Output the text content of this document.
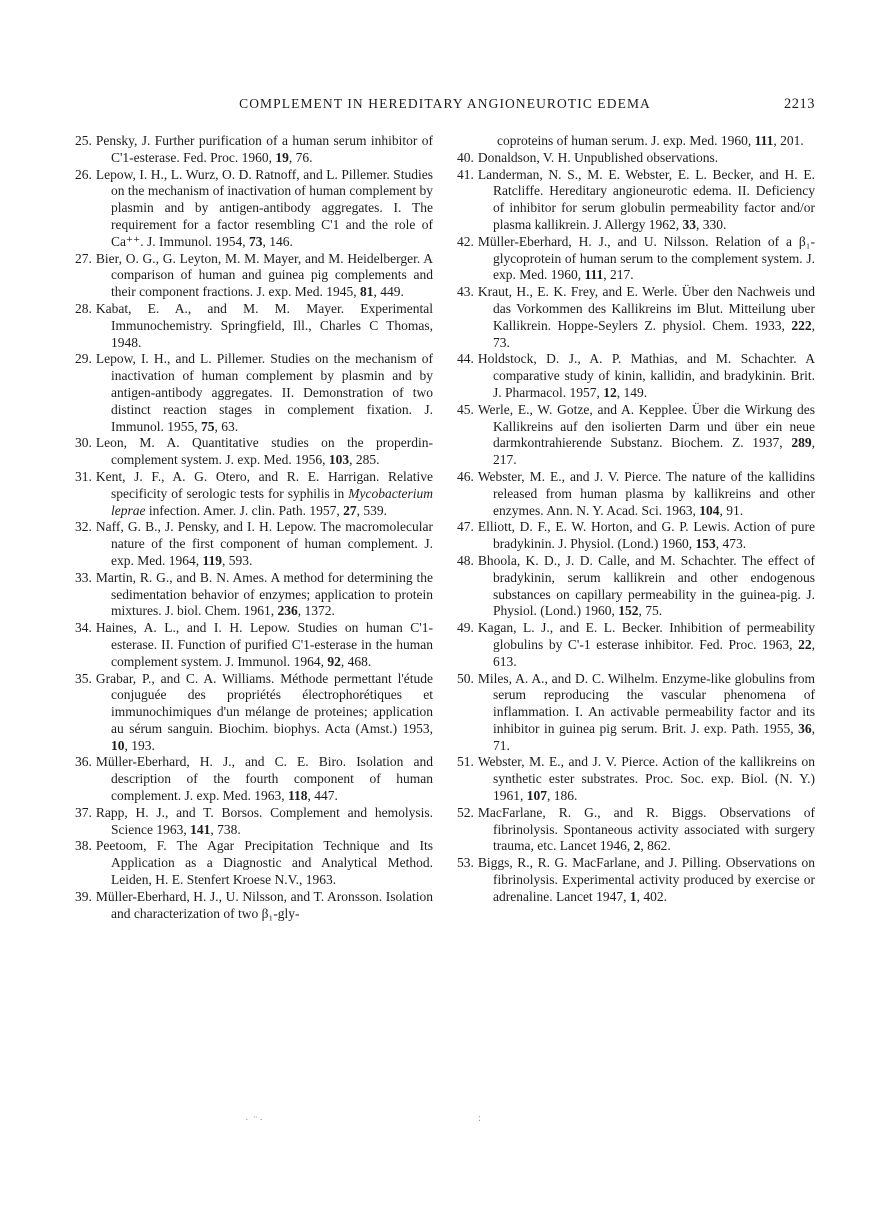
COMPLEMENT IN HEREDITARY ANGIONEUROTIC EDEMA	2213

25. Pensky, J. Further purification of a human serum inhibitor of C'1-esterase. Fed. Proc. 1960, 19, 76.

26. Lepow, I. H., L. Wurz, O. D. Ratnoff, and L. Pillemer. Studies on the mechanism of inactivation of human complement by plasmin and by antigen-antibody aggregates. I. The requirement for a factor resembling C'1 and the role of Ca⁺⁺. J. Immunol. 1954, 73, 146.

27. Bier, O. G., G. Leyton, M. M. Mayer, and M. Heidelberger. A comparison of human and guinea pig complements and their component fractions. J. exp. Med. 1945, 81, 449.

28. Kabat, E. A., and M. M. Mayer. Experimental Immunochemistry. Springfield, Ill., Charles C Thomas, 1948.

29. Lepow, I. H., and L. Pillemer. Studies on the mechanism of inactivation of human complement by plasmin and by antigen-antibody aggregates. II. Demonstration of two distinct reaction stages in complement fixation. J. Immunol. 1955, 75, 63.

30. Leon, M. A. Quantitative studies on the properdin-complement system. J. exp. Med. 1956, 103, 285.

31. Kent, J. F., A. G. Otero, and R. E. Harrigan. Relative specificity of serologic tests for syphilis in Mycobacterium leprae infection. Amer. J. clin. Path. 1957, 27, 539.

32. Naff, G. B., J. Pensky, and I. H. Lepow. The macromolecular nature of the first component of human complement. J. exp. Med. 1964, 119, 593.

33. Martin, R. G., and B. N. Ames. A method for determining the sedimentation behavior of enzymes; application to protein mixtures. J. biol. Chem. 1961, 236, 1372.

34. Haines, A. L., and I. H. Lepow. Studies on human C'1-esterase. II. Function of purified C'1-esterase in the human complement system. J. Immunol. 1964, 92, 468.

35. Grabar, P., and C. A. Williams. Méthode permettant l'étude conjuguée des propriétés électrophorétiques et immunochimiques d'un mélange de proteines; application au sérum sanguin. Biochim. biophys. Acta (Amst.) 1953, 10, 193.

36. Müller-Eberhard, H. J., and C. E. Biro. Isolation and description of the fourth component of human complement. J. exp. Med. 1963, 118, 447.

37. Rapp, H. J., and T. Borsos. Complement and hemolysis. Science 1963, 141, 738.

38. Peetoom, F. The Agar Precipitation Technique and Its Application as a Diagnostic and Analytical Method. Leiden, H. E. Stenfert Kroese N.V., 1963.

39. Müller-Eberhard, H. J., U. Nilsson, and T. Aronsson. Isolation and characterization of two β₁-gly-

coproteins of human serum. J. exp. Med. 1960, 111, 201.

40. Donaldson, V. H. Unpublished observations.

41. Landerman, N. S., M. E. Webster, E. L. Becker, and H. E. Ratcliffe. Hereditary angioneurotic edema. II. Deficiency of inhibitor for serum globulin permeability factor and/or plasma kallikrein. J. Allergy 1962, 33, 330.

42. Müller-Eberhard, H. J., and U. Nilsson. Relation of a β₁-glycoprotein of human serum to the complement system. J. exp. Med. 1960, 111, 217.

43. Kraut, H., E. K. Frey, and E. Werle. Über den Nachweis und das Vorkommen des Kallikreins im Blut. Mitteilung uber Kallikrein. Hoppe-Seylers Z. physiol. Chem. 1933, 222, 73.

44. Holdstock, D. J., A. P. Mathias, and M. Schachter. A comparative study of kinin, kallidin, and bradykinin. Brit. J. Pharmacol. 1957, 12, 149.

45. Werle, E., W. Gotze, and A. Kepplee. Über die Wirkung des Kallikreins auf den isolierten Darm und über ein neue darmkontrahierende Substanz. Biochem. Z. 1937, 289, 217.

46. Webster, M. E., and J. V. Pierce. The nature of the kallidins released from human plasma by kallikreins and other enzymes. Ann. N. Y. Acad. Sci. 1963, 104, 91.

47. Elliott, D. F., E. W. Horton, and G. P. Lewis. Action of pure bradykinin. J. Physiol. (Lond.) 1960, 153, 473.

48. Bhoola, K. D., J. D. Calle, and M. Schachter. The effect of bradykinin, serum kallikrein and other endogenous substances on capillary permeability in the guinea-pig. J. Physiol. (Lond.) 1960, 152, 75.

49. Kagan, L. J., and E. L. Becker. Inhibition of permeability globulins by C'-1 esterase inhibitor. Fed. Proc. 1963, 22, 613.

50. Miles, A. A., and D. C. Wilhelm. Enzyme-like globulins from serum reproducing the vascular phenomena of inflammation. I. An activable permeability factor and its inhibitor in guinea pig serum. Brit. J. exp. Path. 1955, 36, 71.

51. Webster, M. E., and J. V. Pierce. Action of the kallikreins on synthetic ester substrates. Proc. Soc. exp. Biol. (N. Y.) 1961, 107, 186.

52. MacFarlane, R. G., and R. Biggs. Observations of fibrinolysis. Spontaneous activity associated with surgery trauma, etc. Lancet 1946, 2, 862.

53. Biggs, R., R. G. MacFarlane, and J. Pilling. Observations on fibrinolysis. Experimental activity produced by exercise or adrenaline. Lancet 1947, 1, 402.

· ̈·	:
